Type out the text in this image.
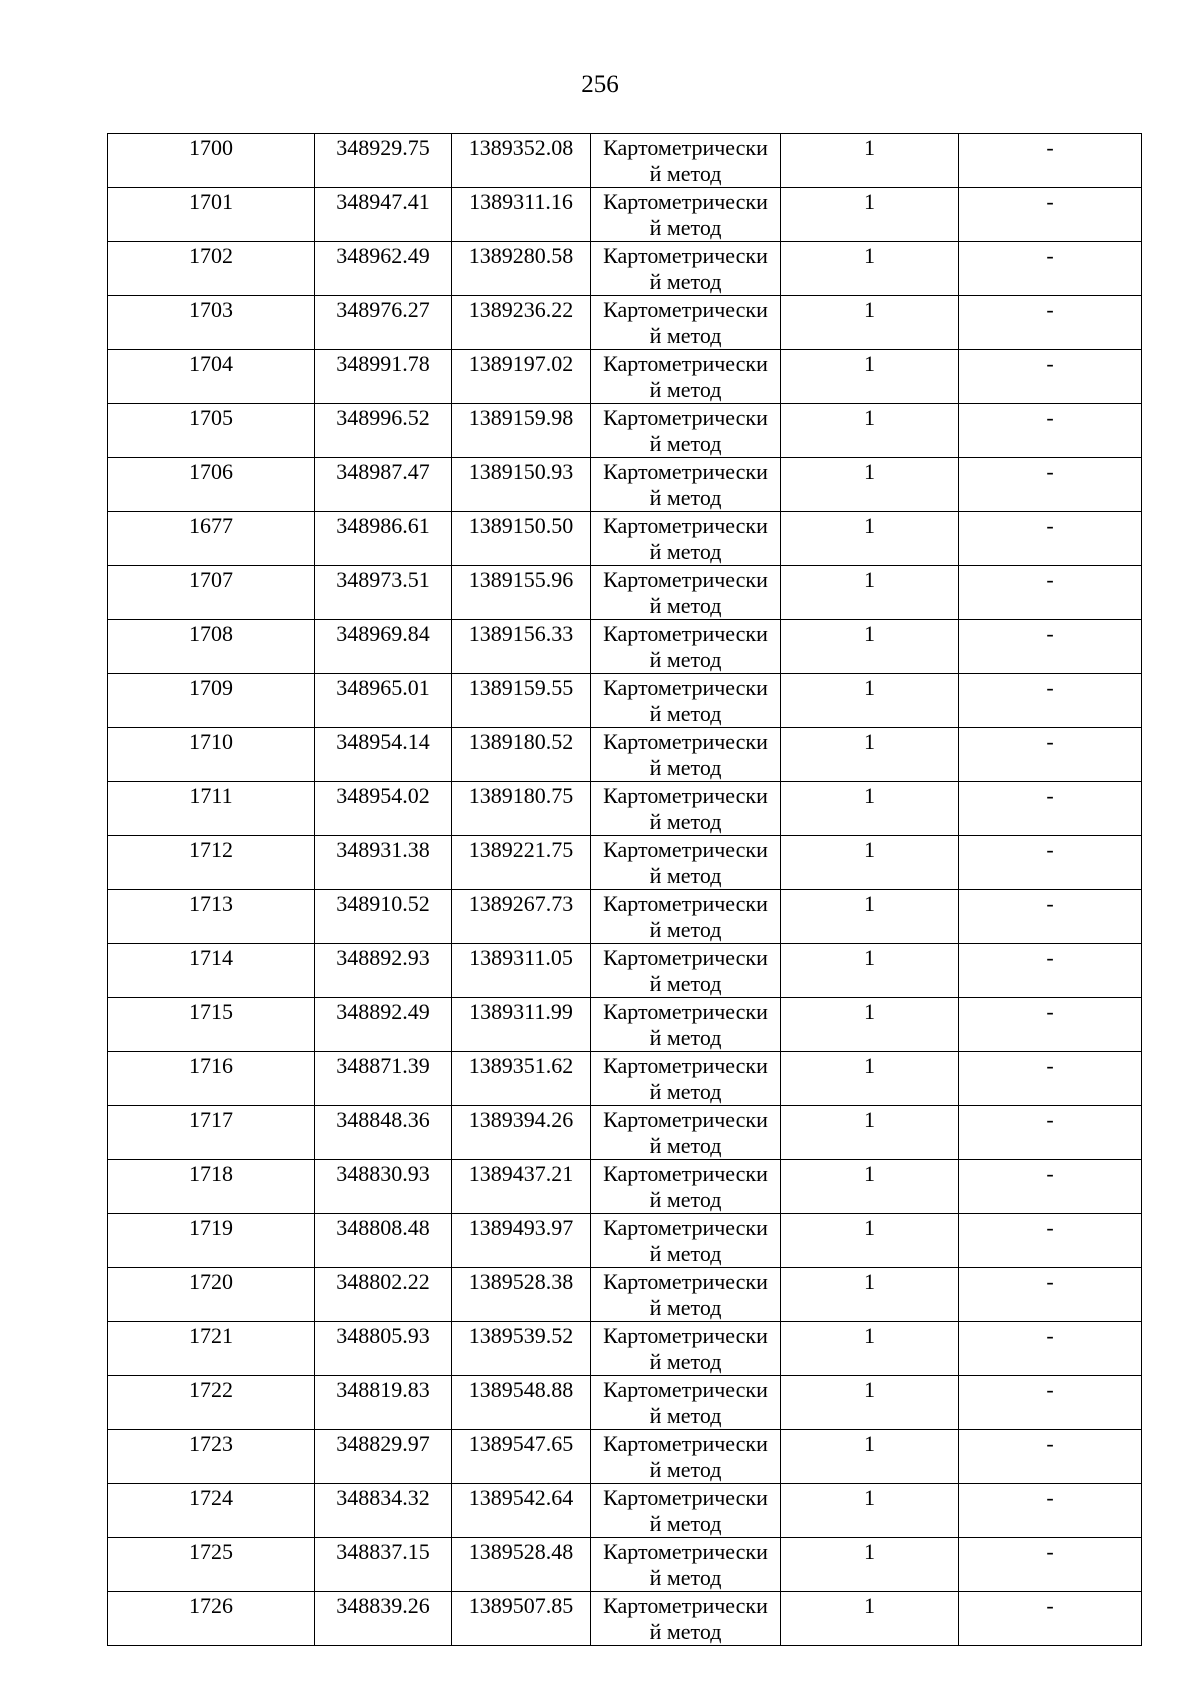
256
1700	348929.75	1389352.08	Картометрически
й метод	1	-

1701	348947.41	1389311.16	Картометрически
й метод	1	-

1702	348962.49	1389280.58	Картометрически
й метод	1	-

1703	348976.27	1389236.22	Картометрически
й метод	1	-

1704	348991.78	1389197.02	Картометрически
й метод	1	-

1705	348996.52	1389159.98	Картометрически
й метод	1	-

1706	348987.47	1389150.93	Картометрически
й метод	1	-

1677	348986.61	1389150.50	Картометрически
й метод	1	-

1707	348973.51	1389155.96	Картометрически
й метод	1	-

1708	348969.84	1389156.33	Картометрически
й метод	1	-

1709	348965.01	1389159.55	Картометрически
й метод	1	-

1710	348954.14	1389180.52	Картометрически
й метод	1	-

1711	348954.02	1389180.75	Картометрически
й метод	1	-

1712	348931.38	1389221.75	Картометрически
й метод	1	-

1713	348910.52	1389267.73	Картометрически
й метод	1	-

1714	348892.93	1389311.05	Картометрически
й метод	1	-

1715	348892.49	1389311.99	Картометрически
й метод	1	-

1716	348871.39	1389351.62	Картометрически
й метод	1	-

1717	348848.36	1389394.26	Картометрически
й метод	1	-

1718	348830.93	1389437.21	Картометрически
й метод	1	-

1719	348808.48	1389493.97	Картометрически
й метод	1	-

1720	348802.22	1389528.38	Картометрически
й метод	1	-

1721	348805.93	1389539.52	Картометрически
й метод	1	-

1722	348819.83	1389548.88	Картометрически
й метод	1	-

1723	348829.97	1389547.65	Картометрически
й метод	1	-

1724	348834.32	1389542.64	Картометрически
й метод	1	-

1725	348837.15	1389528.48	Картометрически
й метод	1	-

1726	348839.26	1389507.85	Картометрически
й метод	1	-
